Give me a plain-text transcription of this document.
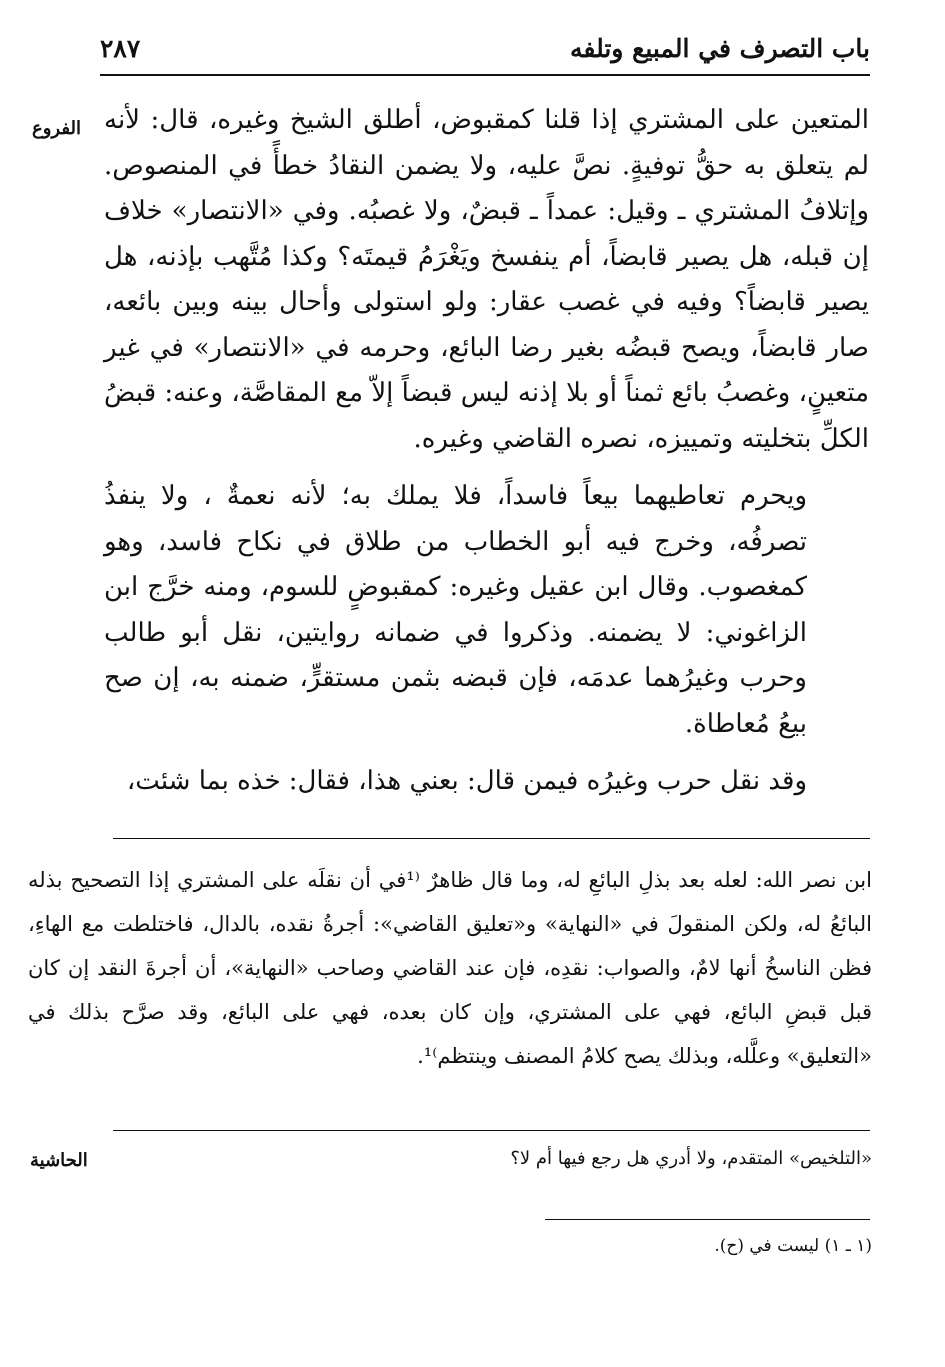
باب التصرف في المبيع وتلفه
٢٨٧
الفروع المتعين على المشتري إذا قلنا كمقبوض، أطلق الشيخ وغيره، قال: لأنه لم يتعلق به حقُّ توفيةٍ. نصَّ عليه، ولا يضمن النقادُ خطأً في المنصوص. وإتلافُ المشتري ـ وقيل: عمداً ـ قبضٌ، ولا غصبُه. وفي «الانتصار» خلاف إن قبله، هل يصير قابضاً، أم ينفسخ ويَغْرَمُ قيمتَه؟ وكذا مُتَّهب بإذنه، هل يصير قابضاً؟ وفيه في غصب عقار: ولو استولى وأحال بينه وبين بائعه، صار قابضاً، ويصح قبضُه بغير رضا البائع، وحرمه في «الانتصار» في غير متعينٍ، وغصبُ بائع ثمناً أو بلا إذنه ليس قبضاً إلاّ مع المقاصَّة، وعنه: قبضُ الكلِّ بتخليته وتمييزه، نصره القاضي وغيره.

ويحرم تعاطيهما بيعاً فاسداً، فلا يملك به؛ لأنه نعمةٌ ، ولا ينفذُ تصرفُه، وخرج فيه أبو الخطاب من طلاق في نكاح فاسد، وهو كمغصوب. وقال ابن عقيل وغيره: كمقبوضٍ للسوم، ومنه خرَّج ابن الزاغوني: لا يضمنه. وذكروا في ضمانه روايتين، نقل أبو طالب وحرب وغيرُهما عدمَه، فإن قبضه بثمن مستقرٍّ، ضمنه به، إن صح بيعُ مُعاطاة.

وقد نقل حرب وغيرُه فيمن قال: بعني هذا، فقال: خذه بما شئت،

ابن نصر الله: لعله بعد بذلِ البائعِ له، وما قال ظاهرٌ ⁽¹في أن نقلَه على المشتري إذا التصحيح بذله البائعُ له، ولكن المنقولَ في «النهاية» و«تعليق القاضي»: أجرةُ نقده، بالدال، فاختلطت مع الهاءِ، فظن الناسخُ أنها لامٌ، والصواب: نقدِه، فإن عند القاضي وصاحب «النهاية»، أن أجرةَ النقد إن كان قبل قبضِ البائع، فهي على المشتري، وإن كان بعده، فهي على البائع، وقد صرَّح بذلك في «التعليق» وعلَّله، وبذلك يصح كلامُ المصنف وينتظم⁾¹.

الحاشية	«التلخيص» المتقدم، ولا أدري هل رجع فيها أم لا؟
(١ ـ ١) ليست في (ح).
